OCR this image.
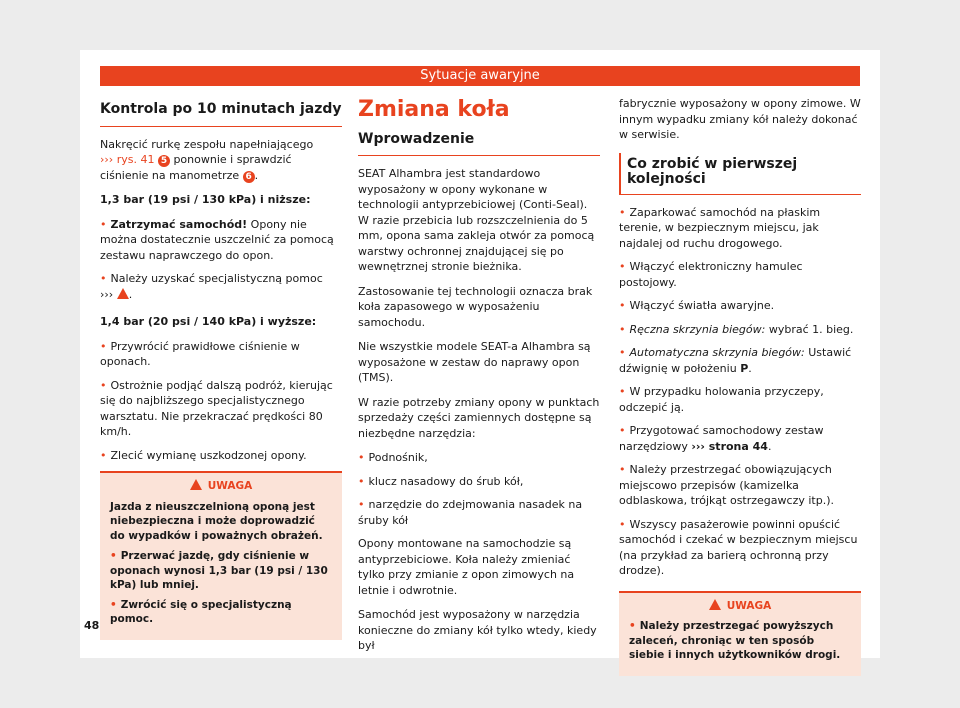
Sytuacje awaryjne
Kontrola po 10 minutach jazdy

Nakręcić rurkę zespołu napełniającego
››› rys. 41 5 ponownie i sprawdzić ciśnienie na manometrze 6 .

1,3 bar (19 psi / 130 kPa) i niższe:

• Zatrzymać samochód! Opony nie można dostatecznie uszczelnić za pomocą zestawu naprawczego do opon.
• Należy uzyskać specjalistyczną pomoc
››› .

1,4 bar (20 psi / 140 kPa) i wyższe:

• Przywrócić prawidłowe ciśnienie w oponach.
• Ostrożnie podjąć dalszą podróż, kierując się do najbliższego specjalistycznego warsztatu. Nie przekraczać prędkości 80 km/h.
• Zlecić wymianę uszkodzonej opony.
UWAGA

Jazda z nieuszczelnioną oponą jest niebezpieczna i może doprowadzić do wypadków i poważnych obrażeń.

• Przerwać jazdę, gdy ciśnienie w oponach wynosi 1,3 bar (19 psi / 130 kPa) lub mniej.
• Zwrócić się o specjalistyczną pomoc.
Zmiana koła
Wprowadzenie

SEAT Alhambra jest standardowo wyposażony w opony wykonane w technologii antyprzebiciowej (Conti-Seal). W razie przebicia lub rozszczelnienia do 5 mm, opona sama zakleja otwór za pomocą warstwy ochronnej znajdującej się po wewnętrznej stronie bieżnika.

Zastosowanie tej technologii oznacza brak koła zapasowego w wyposażeniu samochodu.

Nie wszystkie modele SEAT-a Alhambra są wyposażone w zestaw do naprawy opon (TMS).

W razie potrzeby zmiany opony w punktach sprzedaży części zamiennych dostępne są niezbędne narzędzia:

• Podnośnik,
• klucz nasadowy do śrub kół,
• narzędzie do zdejmowania nasadek na śruby kół

Opony montowane na samochodzie są antyprzebiciowe. Koła należy zmieniać tylko przy zmianie z opon zimowych na letnie i odwrotnie.

Samochód jest wyposażony w narzędzia konieczne do zmiany kół tylko wtedy, kiedy był

fabrycznie wyposażony w opony zimowe. W innym wypadku zmiany kół należy dokonać w serwisie.

Co zrobić w pierwszej kolejności
• Zaparkować samochód na płaskim terenie, w bezpiecznym miejscu, jak najdalej od ruchu drogowego.
• Włączyć elektroniczny hamulec postojowy.
• Włączyć światła awaryjne.
• Ręczna skrzynia biegów: wybrać 1. bieg.
• Automatyczna skrzynia biegów: Ustawić dźwignię w położeniu P.
• W przypadku holowania przyczepy, odczepić ją.
• Przygotować samochodowy zestaw narzędziowy ››› strona 44.
• Należy przestrzegać obowiązujących miejscowo przepisów (kamizelka odblaskowa, trójkąt ostrzegawczy itp.).
• Wszyscy pasażerowie powinni opuścić samochód i czekać w bezpiecznym miejscu (na przykład za barierą ochronną przy drodze).
UWAGA
• Należy przestrzegać powyższych zaleceń, chroniąc w ten sposób siebie i innych użytkowników drogi.
48
